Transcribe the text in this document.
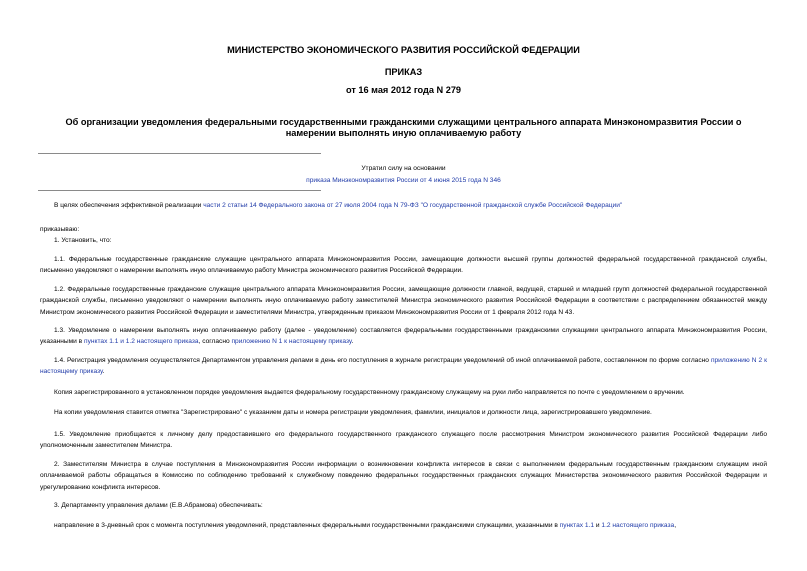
МИНИСТЕРСТВО ЭКОНОМИЧЕСКОГО РАЗВИТИЯ РОССИЙСКОЙ ФЕДЕРАЦИИ
ПРИКАЗ
от 16 мая 2012 года N 279
Об организации уведомления федеральными государственными гражданскими служащими центрального аппарата Минэкономразвития России о намерении выполнять иную оплачиваемую работу
Утратил силу на основании
приказа Минэкономразвития России от 4 июня 2015 года N 346

В целях обеспечения эффективной реализации части 2 статьи 14 Федерального закона от 27 июля 2004 года N 79-ФЗ "О государственной гражданской службе Российской Федерации"

приказываю:

1. Установить, что:

1.1. Федеральные государственные гражданские служащие центрального аппарата Минэкономразвития России, замещающие должности высшей группы должностей федеральной государственной гражданской службы, письменно уведомляют о намерении выполнять иную оплачиваемую работу Министра экономического развития Российской Федерации.

1.2. Федеральные государственные гражданские служащие центрального аппарата Минэкономразвития России, замещающие должности главной, ведущей, старшей и младшей групп должностей федеральной государственной гражданской службы, письменно уведомляют о намерении выполнять иную оплачиваемую работу заместителей Министра экономического развития Российской Федерации в соответствии с распределением обязанностей между Министром экономического развития Российской Федерации и заместителями Министра, утвержденным приказом Минэкономразвития России от 1 февраля 2012 года N 43.

1.3. Уведомление о намерении выполнять иную оплачиваемую работу (далее - уведомление) составляется федеральными государственными гражданскими служащими центрального аппарата Минэкономразвития России, указанными в пунктах 1.1 и 1.2 настоящего приказа, согласно приложению N 1 к настоящему приказу.

1.4. Регистрация уведомления осуществляется Департаментом управления делами в день его поступления в журнале регистрации уведомлений об иной оплачиваемой работе, составленном по форме согласно приложению N 2 к настоящему приказу.

Копия зарегистрированного в установленном порядке уведомления выдается федеральному государственному гражданскому служащему на руки либо направляется по почте с уведомлением о вручении.

На копии уведомления ставится отметка "Зарегистрировано" с указанием даты и номера регистрации уведомления, фамилии, инициалов и должности лица, зарегистрировавшего уведомление.

1.5. Уведомление приобщается к личному делу предоставившего его федерального государственного гражданского служащего после рассмотрения Министром экономического развития Российской Федерации либо уполномоченным заместителем Министра.

2. Заместителям Министра в случае поступления в Минэкономразвития России информации о возникновении конфликта интересов в связи с выполнением федеральным государственным гражданским служащим иной оплачиваемой работы обращаться в Комиссию по соблюдению требований к служебному поведению федеральных государственных гражданских служащих Министерства экономического развития Российской Федерации и урегулированию конфликта интересов.

3. Департаменту управления делами (Е.В.Абрамова) обеспечивать:

направление в 3-дневный срок с момента поступления уведомлений, представленных федеральными государственными гражданскими служащими, указанными в пунктах 1.1 и 1.2 настоящего приказа,
